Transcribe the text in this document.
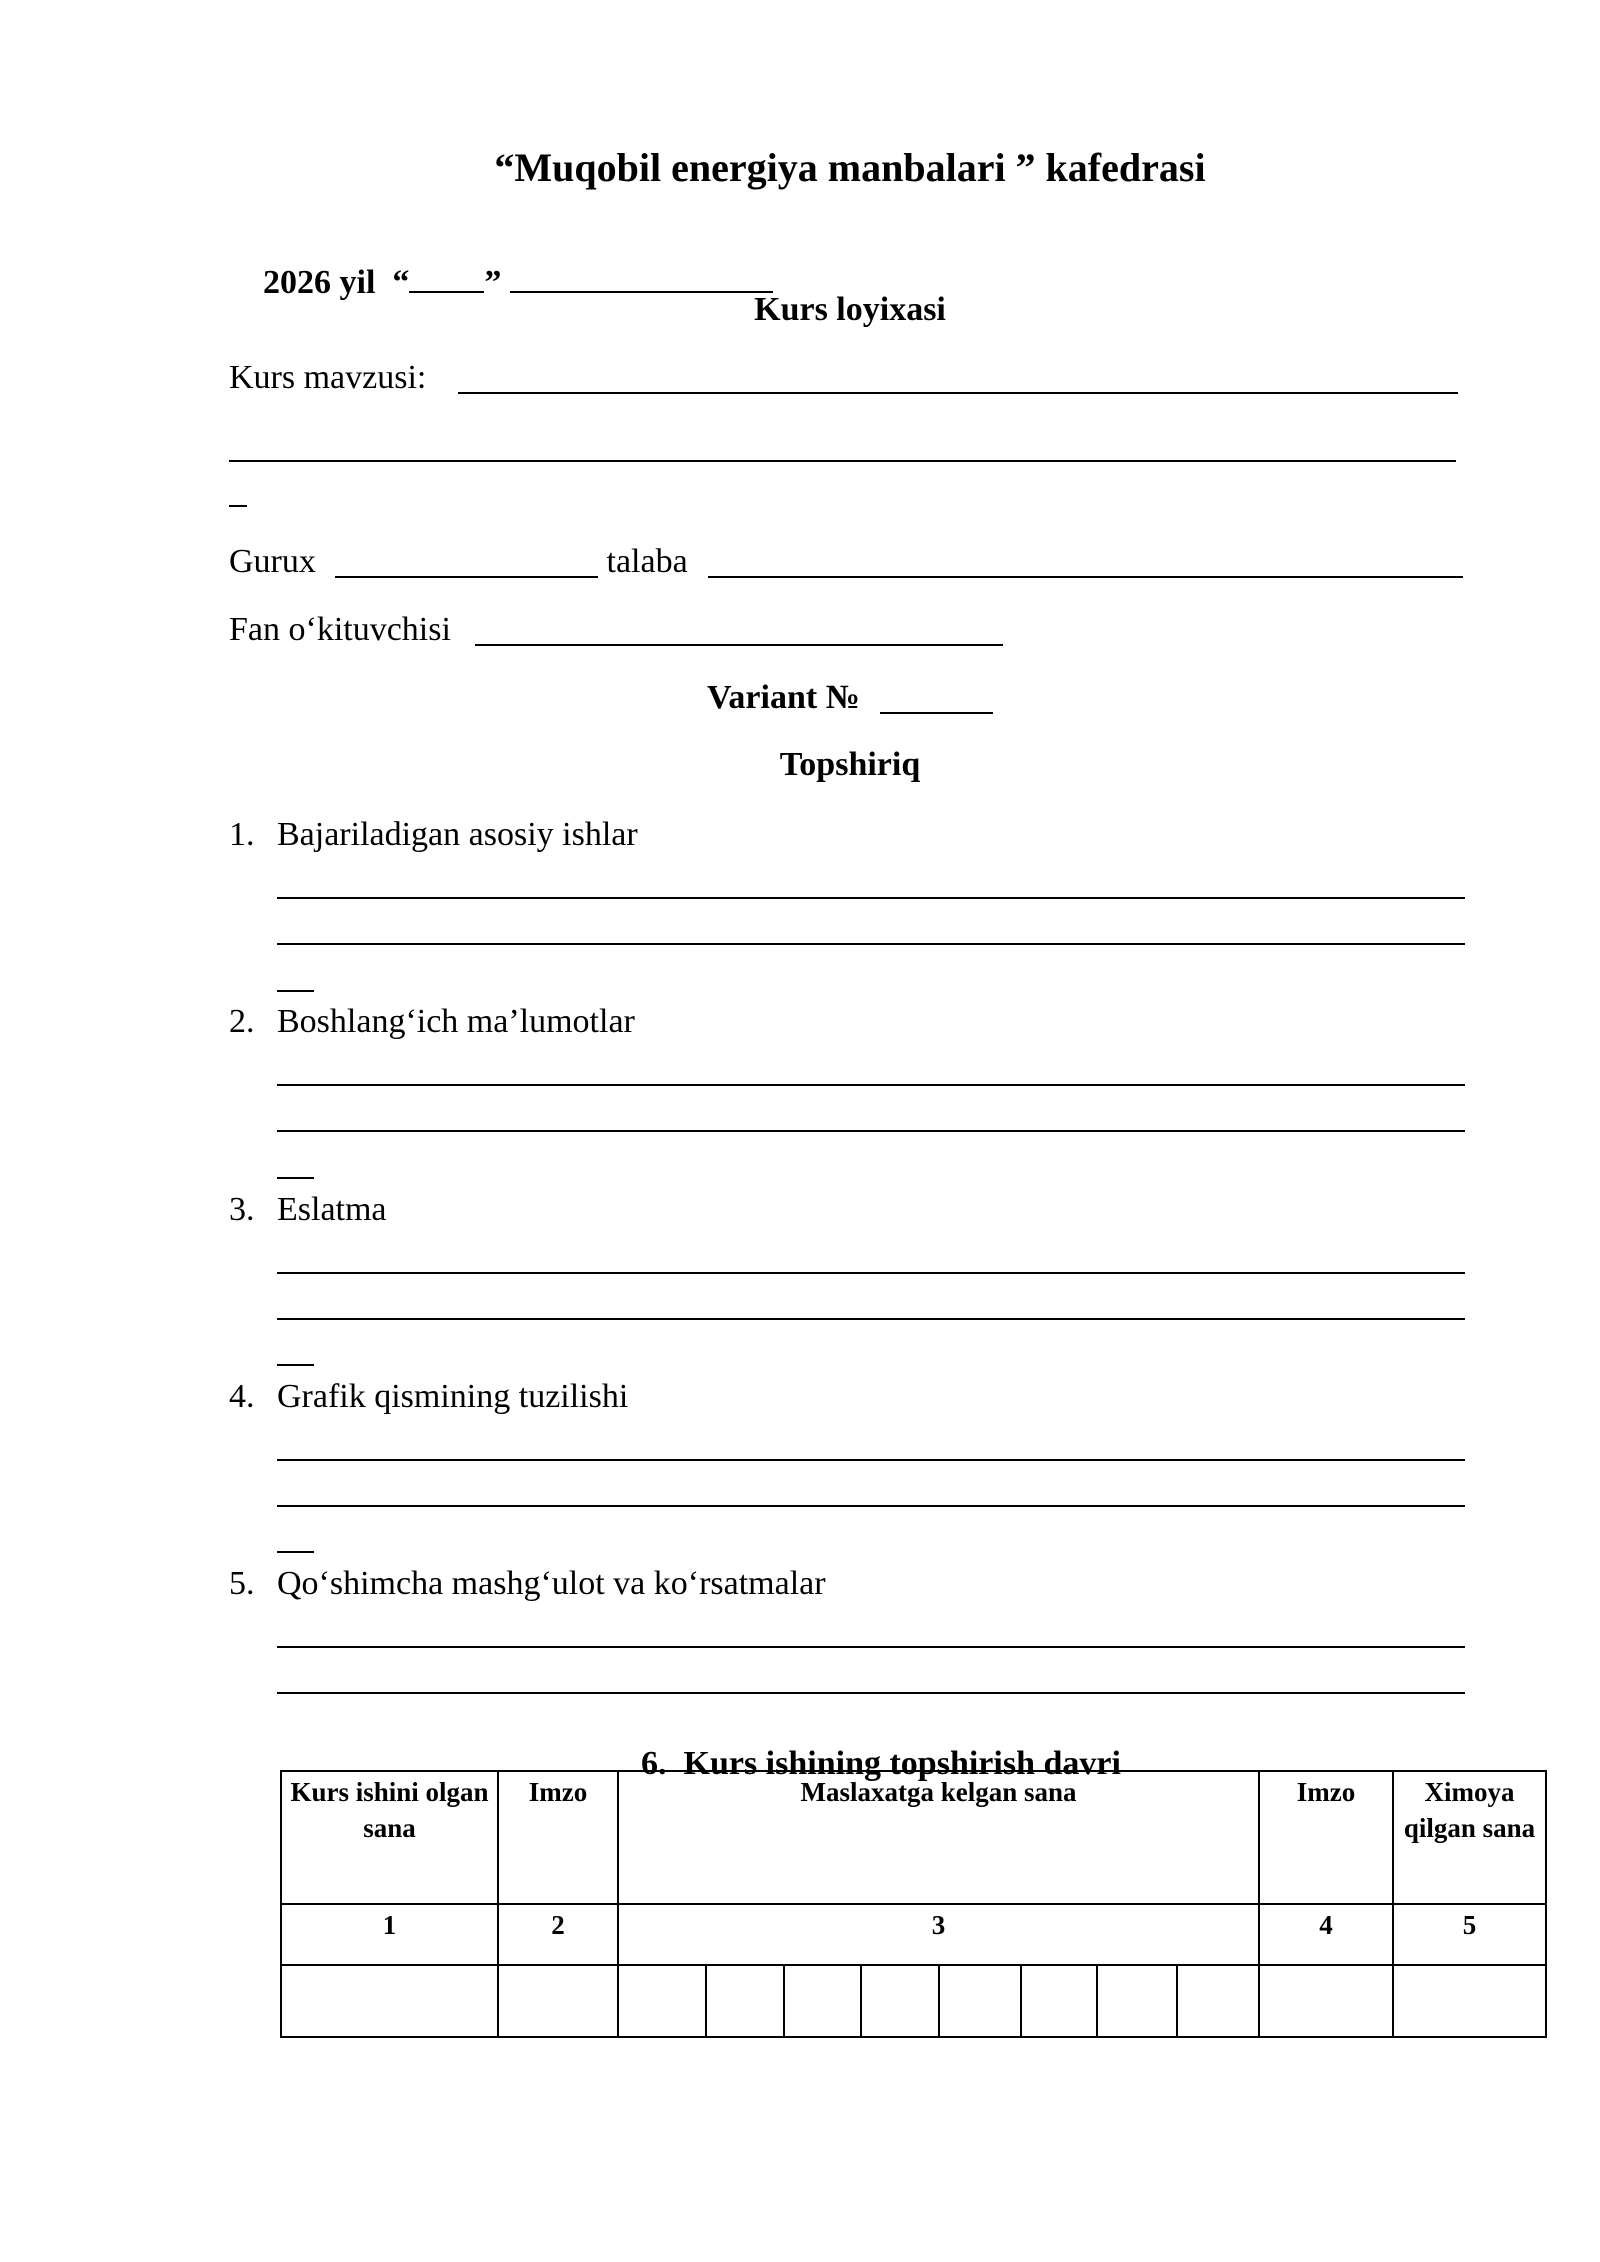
“Muqobil energiya manbalari ” kafedrasi

2026 yil  “ ”

Kurs loyixasi
Kurs mavzusi:
Gurux	talaba
Fan o‘kituvchisi
Variant №
Topshiriq
1. Bajariladigan asosiy ishlar
2. Boshlang‘ich ma’lumotlar
3. Eslatma
4. Grafik qismining tuzilishi
5. Qo‘shimcha mashg‘ulot va ko‘rsatmalar

6. Kurs ishining topshirish davri

Kurs ishini olgan sana	Imzo	Maslaxatga kelgan sana								Imzo	Ximoya qilgan sana
1	2	3								4	5
